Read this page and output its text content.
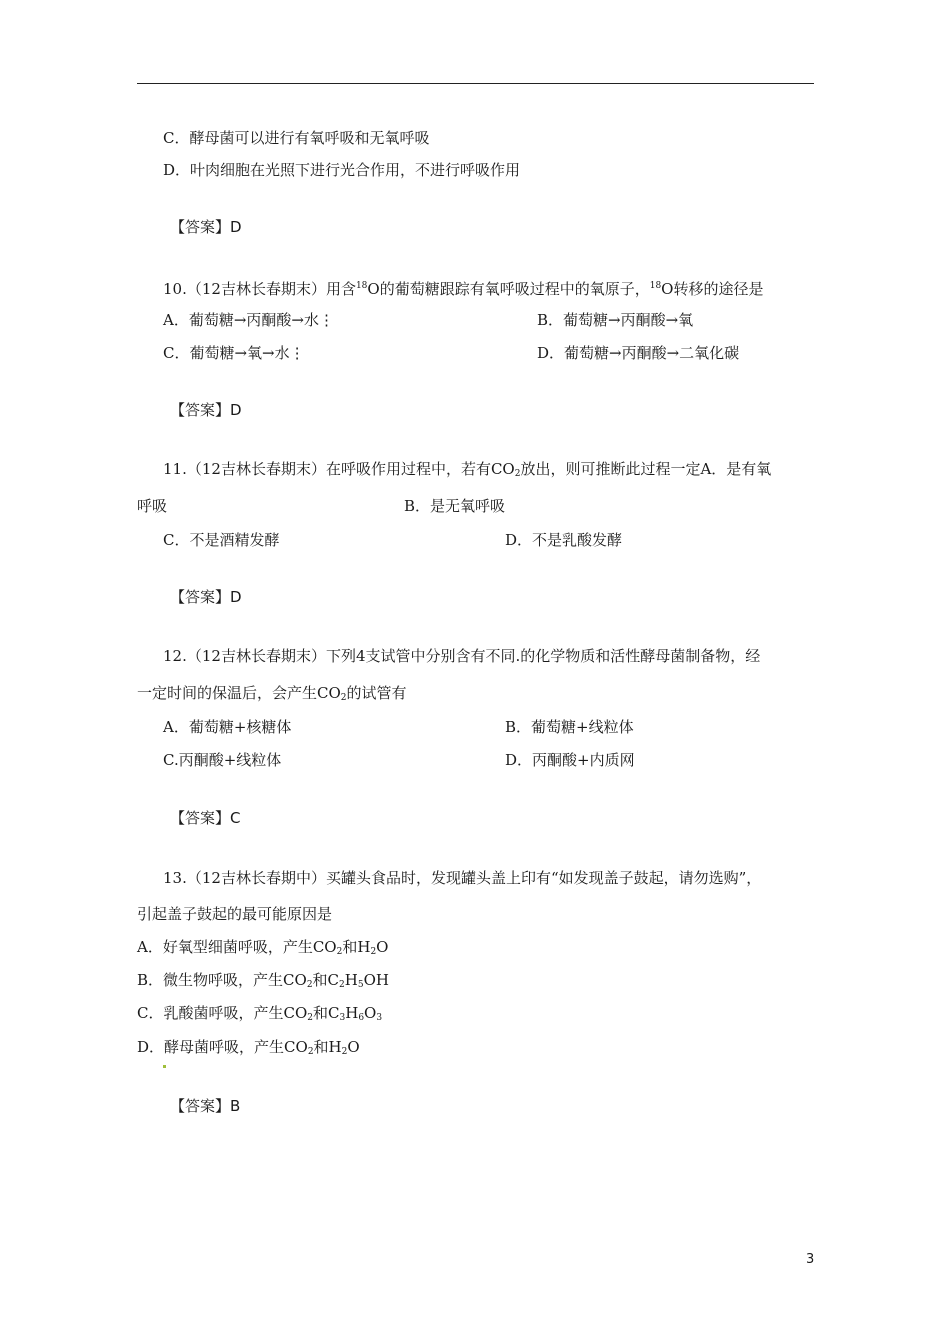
C．酵母菌可以进行有氧呼吸和无氧呼吸
D．叶肉细胞在光照下进行光合作用，不进行呼吸作用
【答案】D
10.（12吉林长春期末）用含$^{18}$O的葡萄糖跟踪有氧呼吸过程中的氧原子，$^{18}$O转移的途径是
A．葡萄糖→丙酮酸→水⋮	B．葡萄糖→丙酮酸→氧
C．葡萄糖→氧→水⋮	D．葡萄糖→丙酮酸→二氧化碳
【答案】D
11.（12吉林长春期末）在呼吸作用过程中，若有$CO_2$放出，则可推断此过程一定A．是有氧
呼吸	B．是无氧呼吸
C．不是酒精发酵	D．不是乳酸发酵
【答案】D
12.（12吉林长春期末）下列4支试管中分别含有不同.的化学物质和活性酵母菌制备物，经
一定时间的保温后，会产生$CO_2$的试管有
A．葡萄糖+核糖体	B．葡萄糖+线粒体
C.丙酮酸+线粒体	D．丙酮酸+内质网
【答案】C
13.（12吉林长春期中）买罐头食品时，发现罐头盖上印有“如发现盖子鼓起，请勿选购”，
引起盖子鼓起的最可能原因是
A．好氧型细菌呼吸，产生$CO_2$和$H_2O$
B．微生物呼吸，产生$CO_2$和$C_2H_5OH$
C．乳酸菌呼吸，产生$CO_2$和$C_3H_6O_3$
D．酵母菌呼吸，产生$CO_2$和$H_2O$
【答案】B
3
